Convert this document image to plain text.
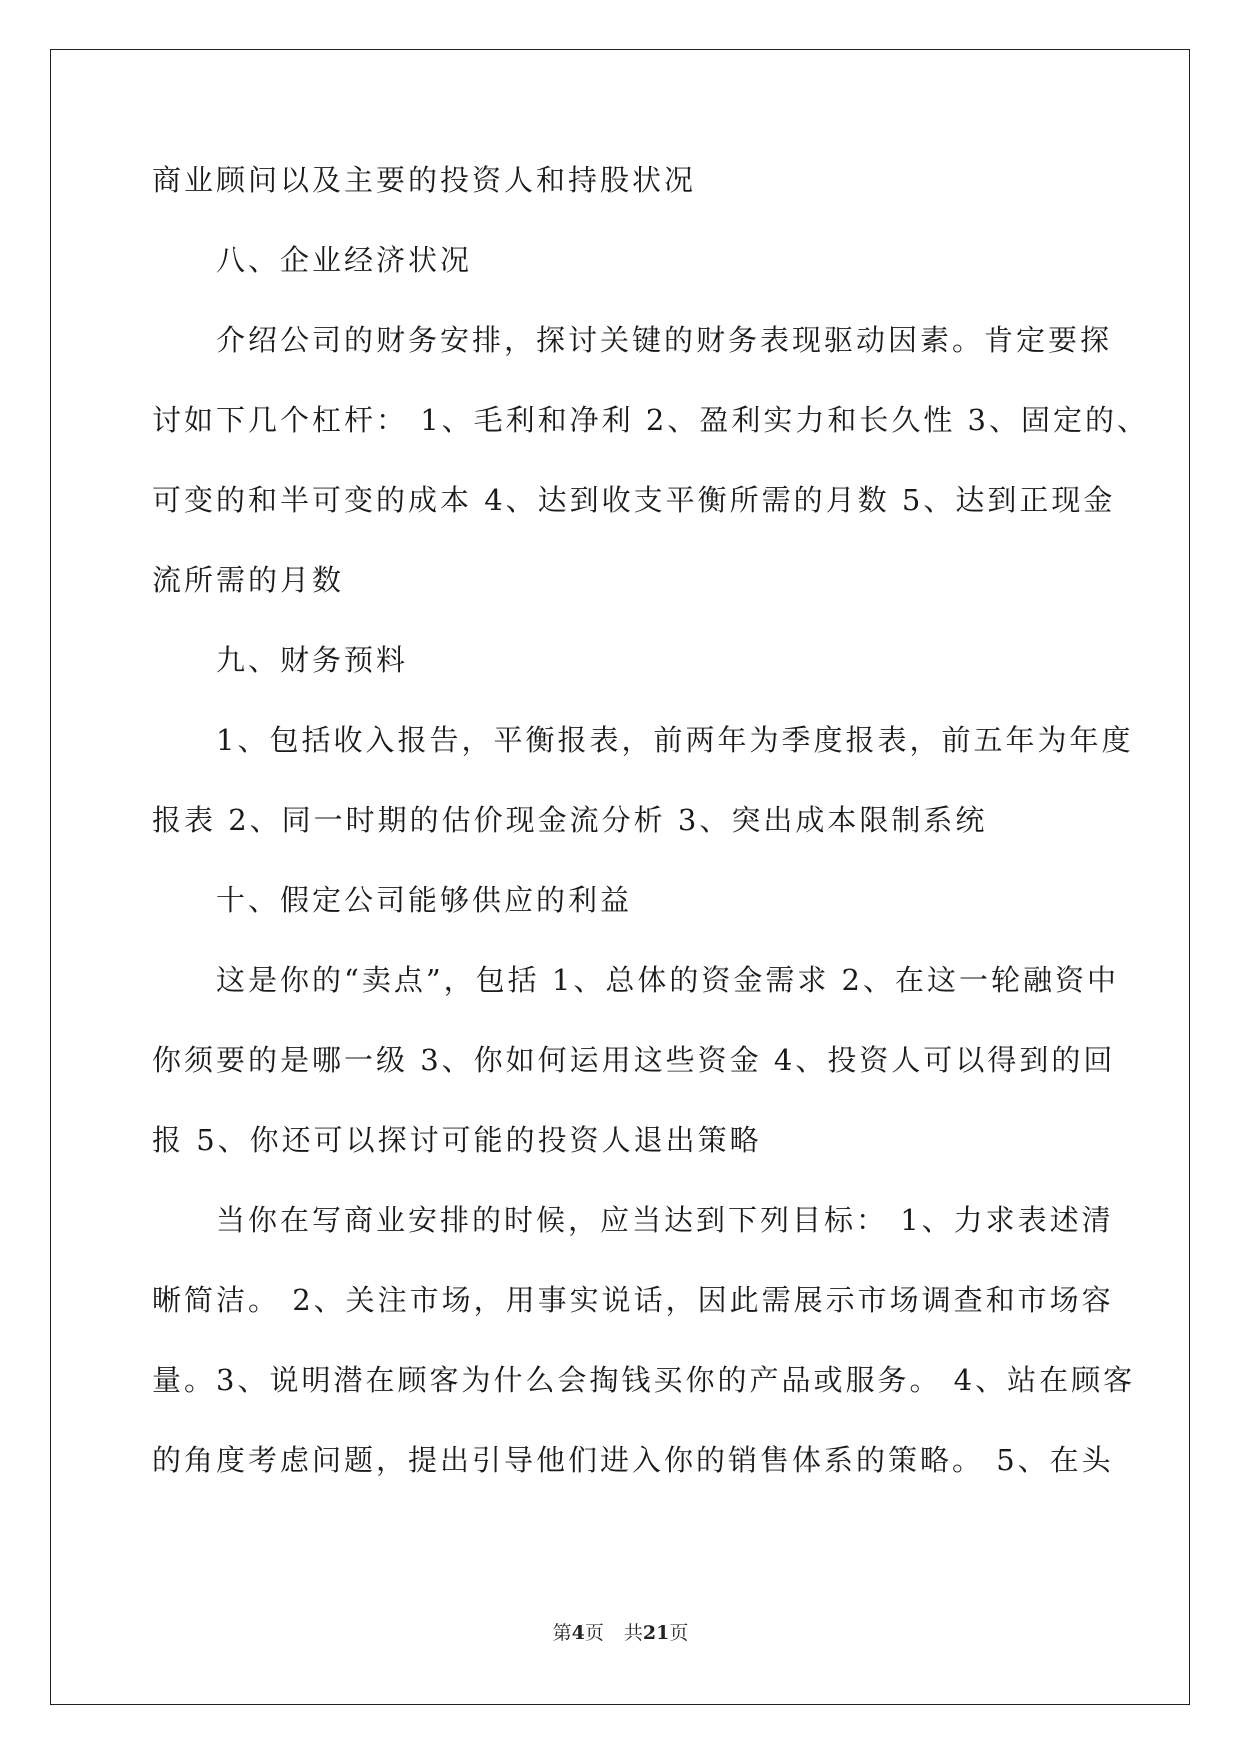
商业顾问以及主要的投资人和持股状况
八、企业经济状况
介绍公司的财务安排，探讨关键的财务表现驱动因素。肯定要探
讨如下几个杠杆： 1、毛利和净利 2、盈利实力和长久性 3、固定的、
可变的和半可变的成本 4、达到收支平衡所需的月数 5、达到正现金
流所需的月数
九、财务预料
1、包括收入报告，平衡报表，前两年为季度报表，前五年为年度
报表 2、同一时期的估价现金流分析 3、突出成本限制系统
十、假定公司能够供应的利益
这是你的“卖点”，包括 1、总体的资金需求 2、在这一轮融资中
你须要的是哪一级 3、你如何运用这些资金 4、投资人可以得到的回
报 5、你还可以探讨可能的投资人退出策略
当你在写商业安排的时候，应当达到下列目标： 1、力求表述清
晰简洁。 2、关注市场，用事实说话，因此需展示市场调查和市场容
量。3、说明潜在顾客为什么会掏钱买你的产品或服务。 4、站在顾客
的角度考虑问题，提出引导他们进入你的销售体系的策略。 5、在头
第4页 共21页
